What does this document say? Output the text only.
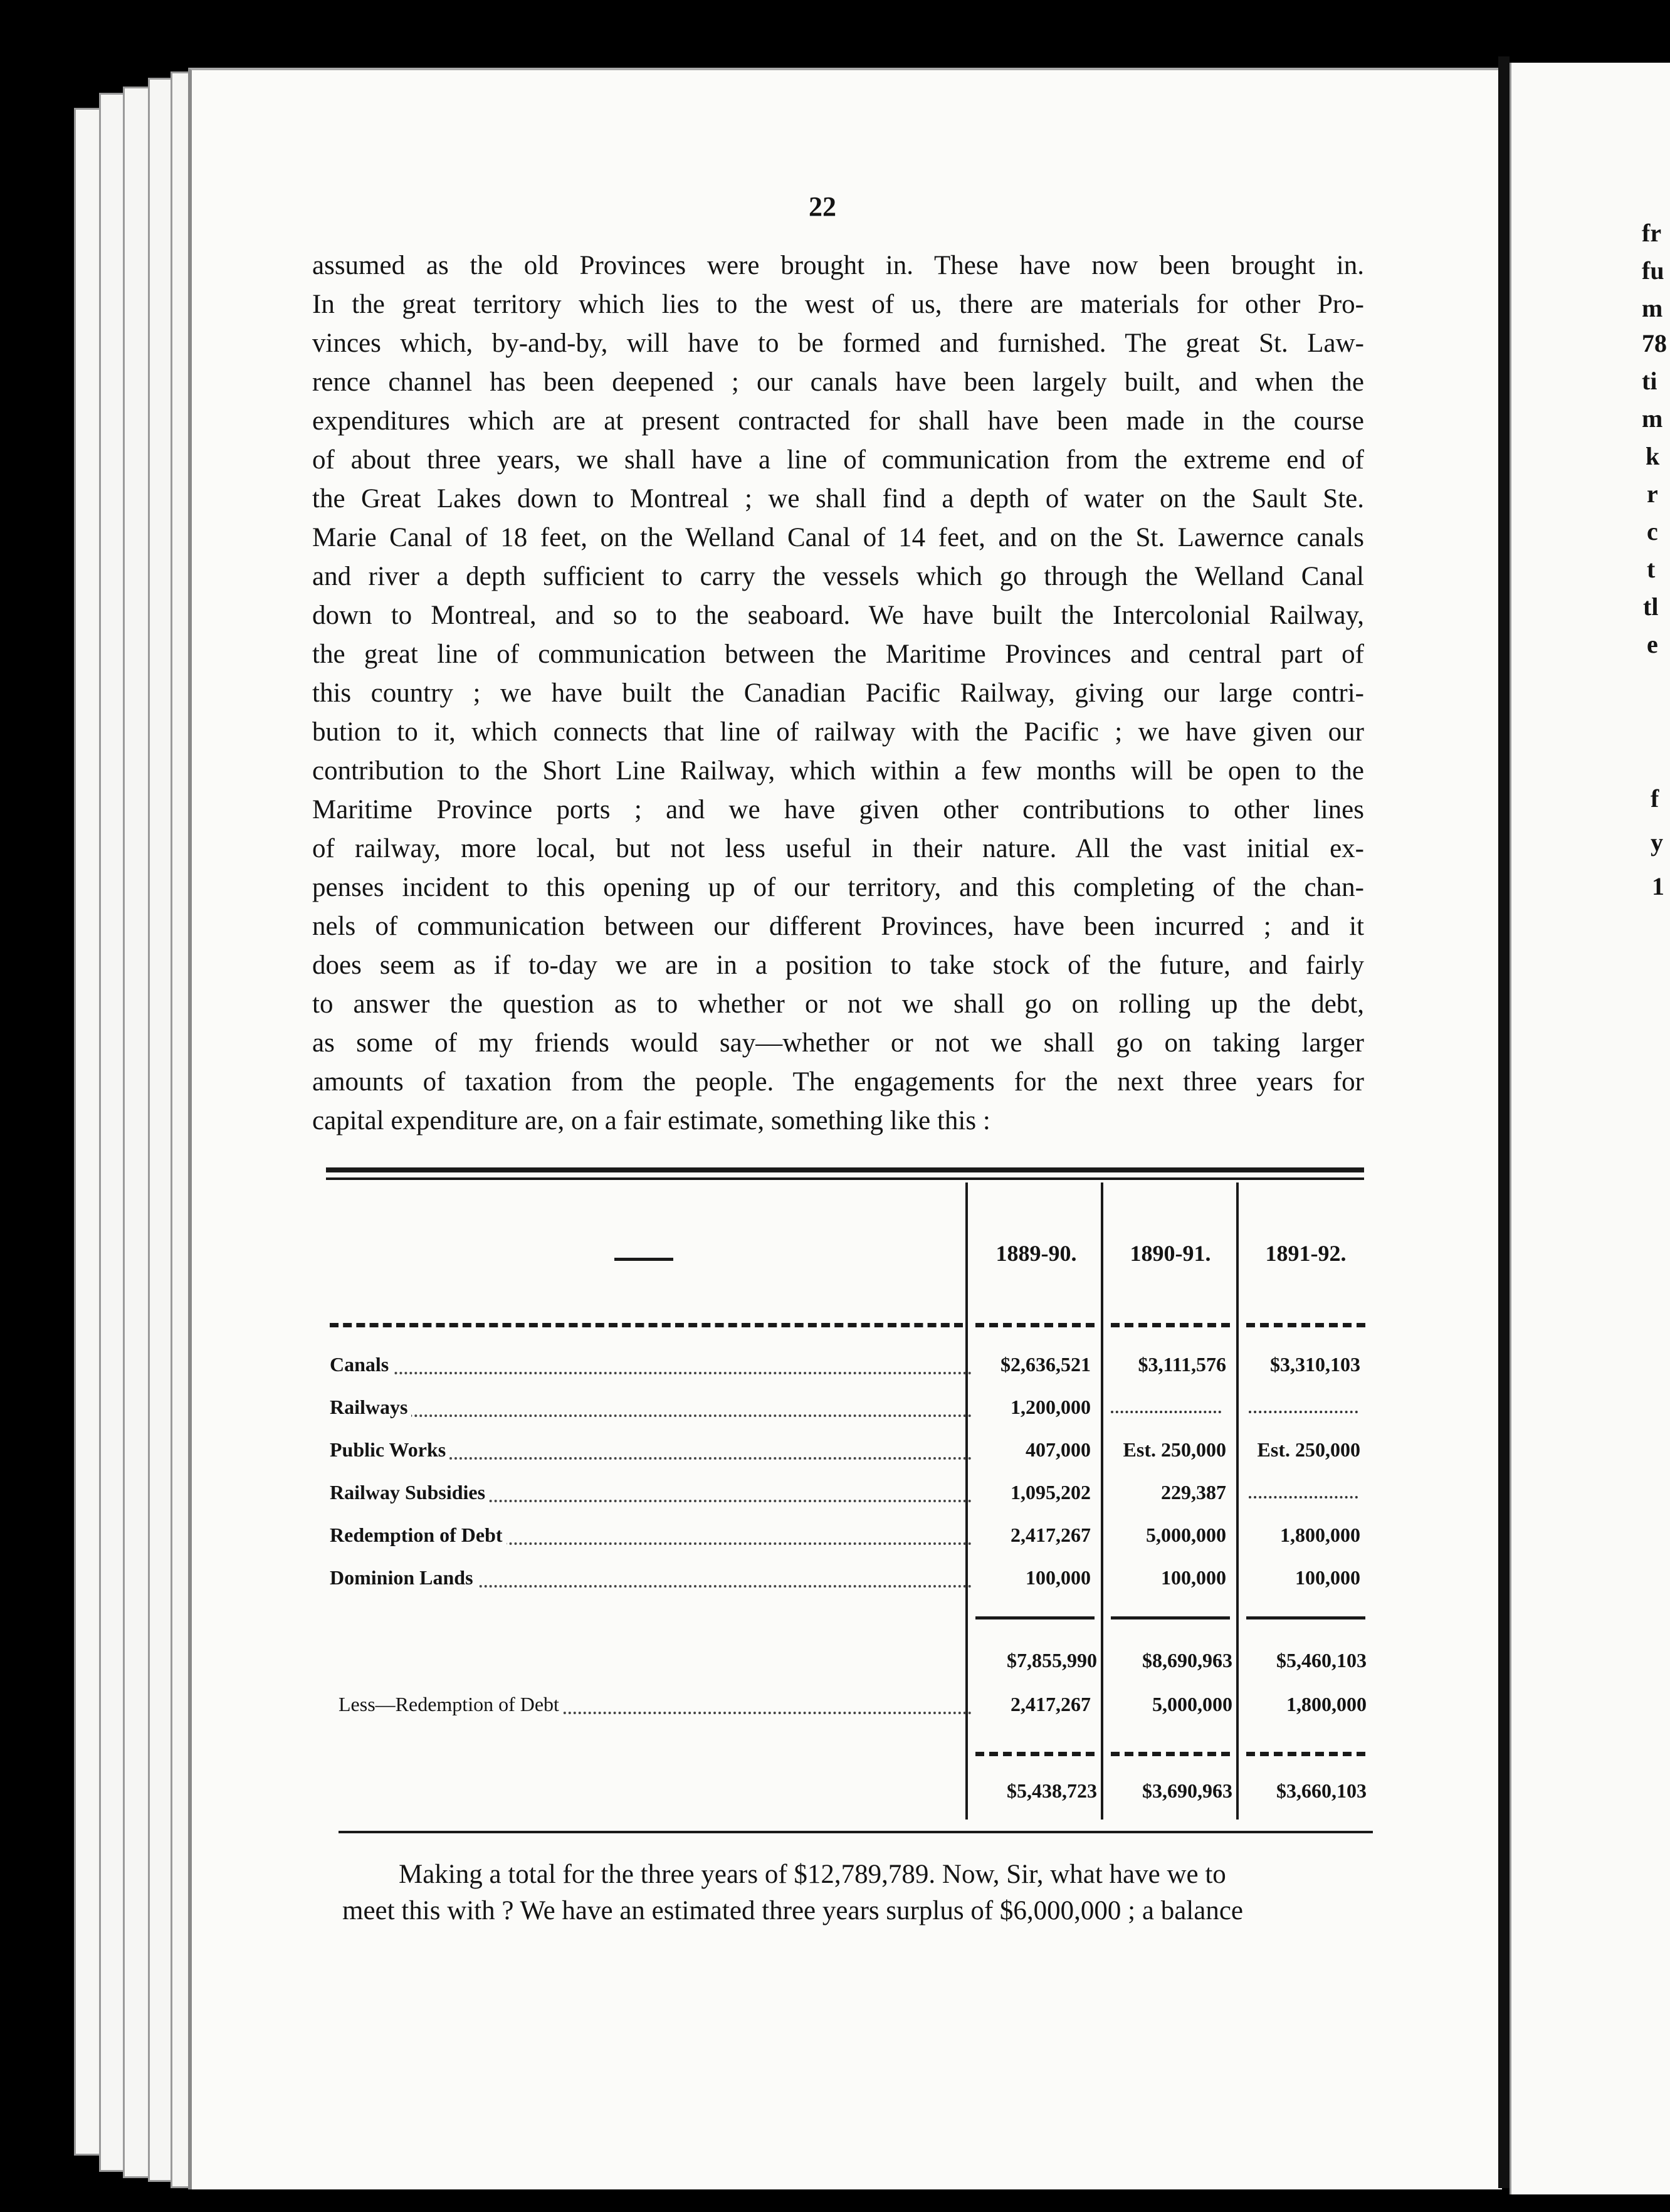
fr
fu
m
78
ti
m
k
r
c
t
tl
e
f
y
1
22
assumed as the old Provinces were brought in. These have now been brought in.
In the great territory which lies to the west of us, there are materials for other Pro-
vinces which, by-and-by, will have to be formed and furnished. The great St. Law-
rence channel has been deepened ; our canals have been largely built, and when the
expenditures which are at present contracted for shall have been made in the course
of about three years, we shall have a line of communication from the extreme end of
the Great Lakes down to Montreal ; we shall find a depth of water on the Sault Ste.
Marie Canal of 18 feet, on the Welland Canal of 14 feet, and on the St. Lawernce canals
and river a depth sufficient to carry the vessels which go through the Welland Canal
down to Montreal, and so to the seaboard. We have built the Intercolonial Railway,
the great line of communication between the Maritime Provinces and central part of
this country ; we have built the Canadian Pacific Railway, giving our large contri-
bution to it, which connects that line of railway with the Pacific ; we have given our
contribution to the Short Line Railway, which within a few months will be open to the
Maritime Province ports ; and we have given other contributions to other lines
of railway, more local, but not less useful in their nature. All the vast initial ex-
penses incident to this opening up of our territory, and this completing of the chan-
nels of communication between our different Provinces, have been incurred ; and it
does seem as if to-day we are in a position to take stock of the future, and fairly
to answer the question as to whether or not we shall go on rolling up the debt,
as some of my friends would say—whether or not we shall go on taking larger
amounts of taxation from the people. The engagements for the next three years for
capital expenditure are, on a fair estimate, something like this :
1889-90.	1890-91.	1891-92.
Canals	$2,636,521	$3,111,576	$3,310,103
Railways	1,200,000
Public Works	407,000	Est. 250,000	Est. 250,000
Railway Subsidies	1,095,202	229,387
Redemption of Debt	2,417,267	5,000,000	1,800,000
Dominion Lands	100,000	100,000	100,000
$7,855,990	$8,690,963	$5,460,103
Less—Redemption of Debt	2,417,267	5,000,000	1,800,000
$5,438,723	$3,690,963	$3,660,103
Making a total for the three years of $12,789,789. Now, Sir, what have we to
meet this with ? We have an estimated three years surplus of $6,000,000 ; a balance
